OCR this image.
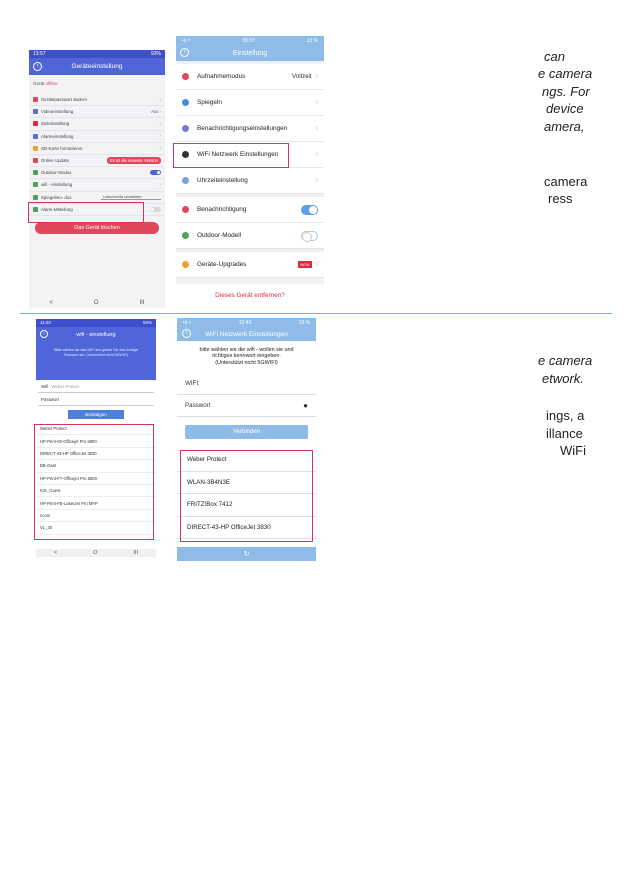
13:57	93%
‹	Geräteeinstellung
Gerät offline
Gerätepasswort ändern	›
Videoeinstellung	Aus ›
Zeiteinstellung	›
Alarmeinstellung	›
SD-Karte formatieren	›
Online Update	Es ist die neueste Version
Outdoor-Modus
wifi - einstellung	›
Spiegelmo- dus	Links/rechts umdrehen
Alarm-Mitteilung
Das Gerät löschen
<	O	III
•ıl ≈	09:37	13 %
‹	Einstellung
Aufnahmemodus	Vollzeit ›
Spiegeln	›
Benachrichtigungseinstellungen	›
WiFi Netzwerk Einstellungen	›
Uhrzeiteinstellung	›
Benachrichtigung
Outdoor-Modell
Geräte-Upgrades	NEW ›
Dieses Gerät entfernen?
11:03	93%
‹	wifi - einstellung
Bitte wählen sie das WiFi aus geben Sie das richtige Passwort ein. (Unterstützt nicht 5GWIFI)
Wifi Weber Protect
Passwort
Bestätigen
Weber Protect
HP-Print-03-Officejet Pro 8600
DIRECT-43-HP OfficeJet 3830
BB-Gast
HP-Print-F7-Officejet Pro 8600
ICE_Guest
HP-Print-FB-LaserJet Pro MFP
ncom
VL_30
<	O	III
•ıl ≈	12:43	13 %
‹	WiFi Netzwerk Einstellungen
bitte wählen sie die wifi - wollen sie und
richtiges kennwort eingeben.
(Unterstützt nicht 5GWIFI)
WIFI:
Passwort	●
Verbinden
Weber Protect
WLAN-3B4N3E
FRITZ!Box 7412
DIRECT-43-HP OfficeJet 3830
↻
can
e camera
ngs. For
device
amera,
camera
ress
e camera
etwork.
ings, a
illance
WiFi
